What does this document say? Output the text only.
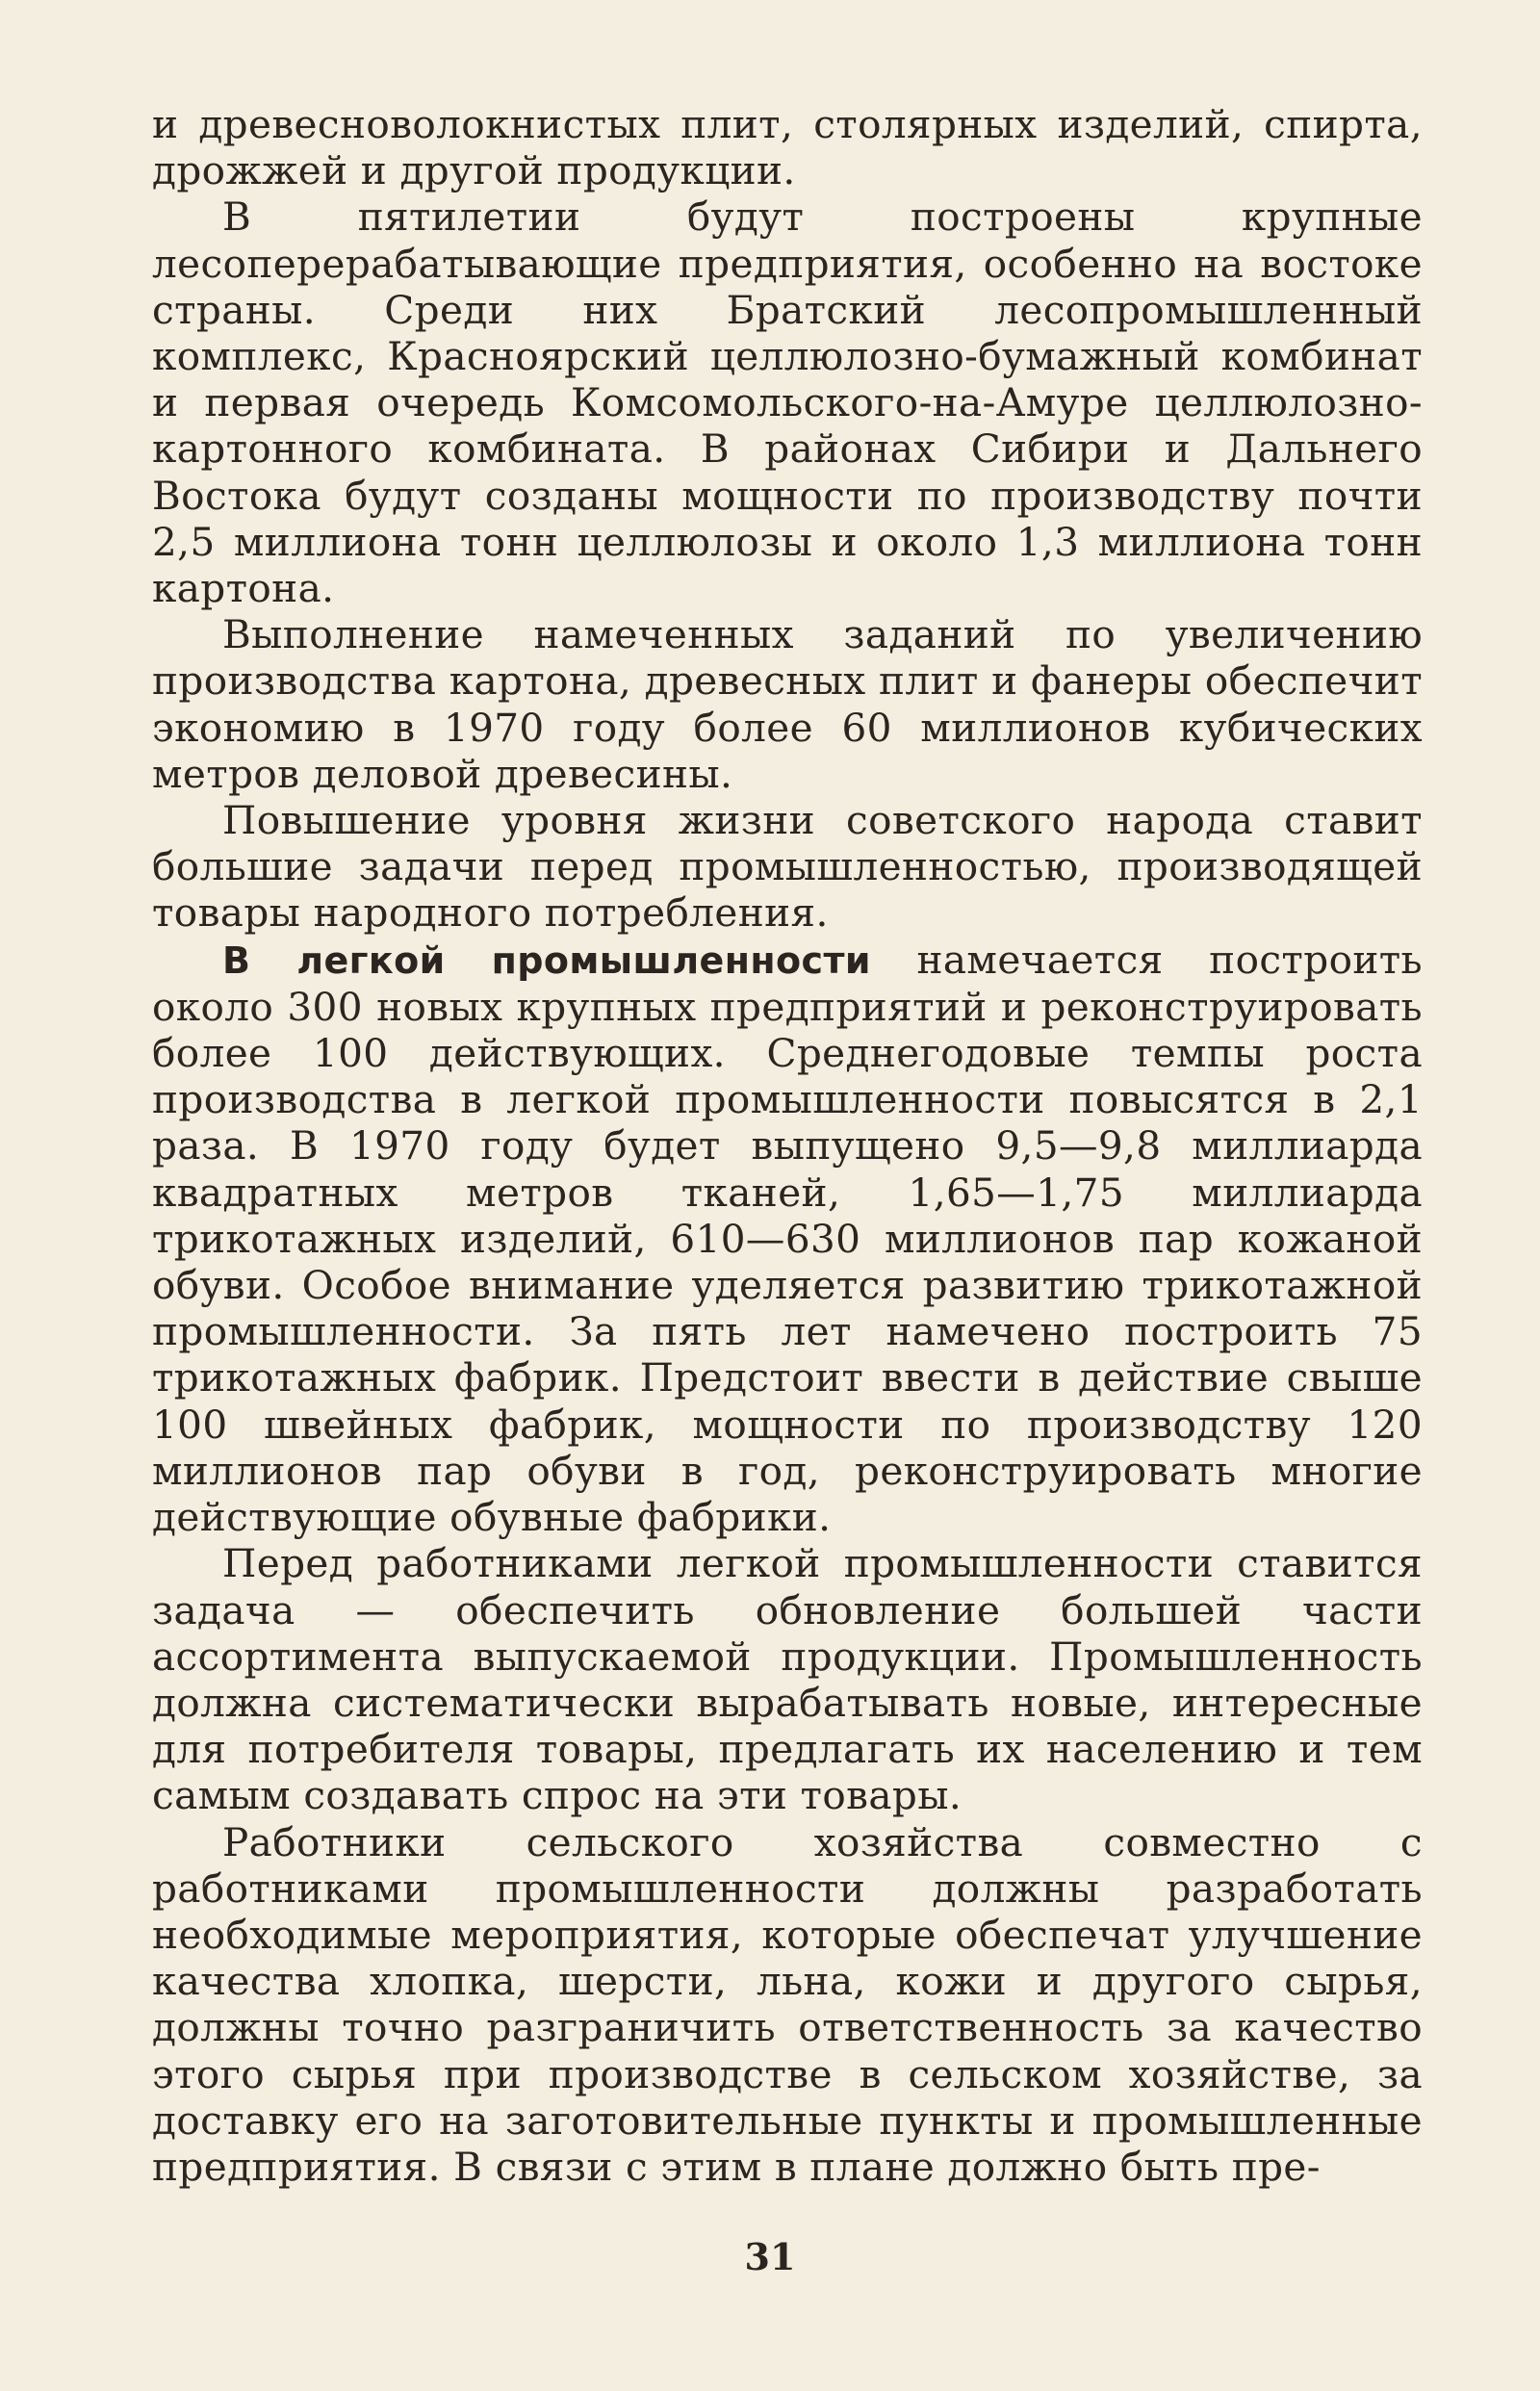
и древесноволокнистых плит, столярных изделий, спирта, дрожжей и другой продукции.

В пятилетии будут построены крупные лесоперерабатывающие предприятия, особенно на востоке страны. Среди них Братский лесопромышленный комплекс, Красноярский целлюлозно-бумажный комбинат и первая очередь Комсомольского-на-Амуре целлюлозно-картонного комбината. В районах Сибири и Дальнего Востока будут созданы мощности по производству почти 2,5 миллиона тонн целлюлозы и около 1,3 миллиона тонн картона.

Выполнение намеченных заданий по увеличению производства картона, древесных плит и фанеры обеспечит экономию в 1970 году более 60 миллионов кубических метров деловой древесины.

Повышение уровня жизни советского народа ставит большие задачи перед промышленностью, производящей товары народного потребления.

В легкой промышленности намечается построить около 300 новых крупных предприятий и реконструировать более 100 действующих. Среднегодовые темпы роста производства в легкой промышленности повысятся в 2,1 раза. В 1970 году будет выпущено 9,5—9,8 миллиарда квадратных метров тканей, 1,65—1,75 миллиарда трикотажных изделий, 610—630 миллионов пар кожаной обуви. Особое внимание уделяется развитию трикотажной промышленности. За пять лет намечено построить 75 трикотажных фабрик. Предстоит ввести в действие свыше 100 швейных фабрик, мощности по производству 120 миллионов пар обуви в год, реконструировать многие действующие обувные фабрики.

Перед работниками легкой промышленности ставится задача — обеспечить обновление большей части ассортимента выпускаемой продукции. Промышленность должна систематически вырабатывать новые, интересные для потребителя товары, предлагать их населению и тем самым создавать спрос на эти товары.

Работники сельского хозяйства совместно с работниками промышленности должны разработать необходимые мероприятия, которые обеспечат улучшение качества хлопка, шерсти, льна, кожи и другого сырья, должны точно разграничить ответственность за качество этого сырья при производстве в сельском хозяйстве, за доставку его на заготовительные пункты и промышленные предприятия. В связи с этим в плане должно быть пре-

31
